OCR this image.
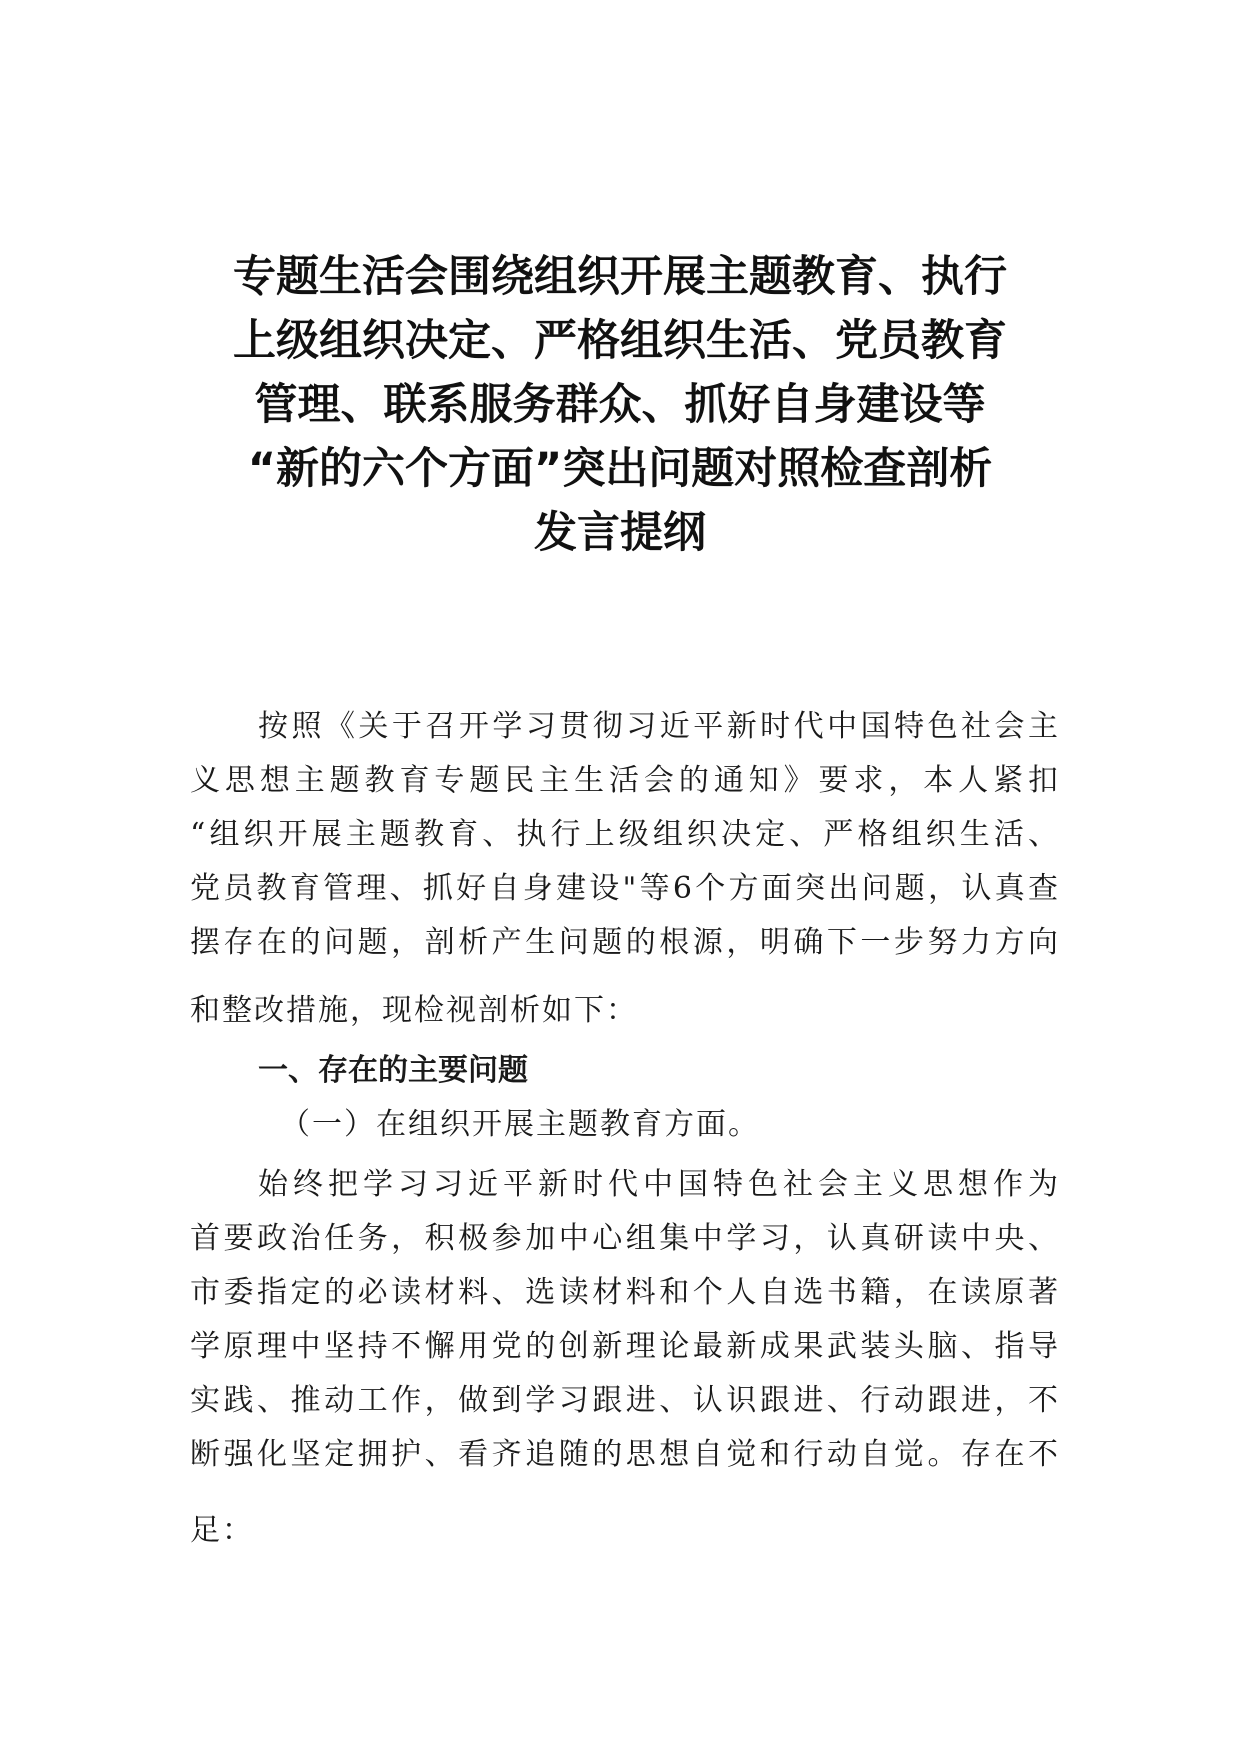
专题生活会围绕组织开展主题教育、执行
上级组织决定、严格组织生活、党员教育
管理、联系服务群众、抓好自身建设等
“新的六个方面”突出问题对照检查剖析
发言提纲
按照《关于召开学习贯彻习近平新时代中国特色社会主
义思想主题教育专题民主生活会的通知》要求，本人紧扣
“组织开展主题教育、执行上级组织决定、严格组织生活、
党员教育管理、抓好自身建设"等6个方面突出问题，认真查
摆存在的问题，剖析产生问题的根源，明确下一步努力方向
和整改措施，现检视剖析如下：
一、存在的主要问题
（一）在组织开展主题教育方面。
始终把学习习近平新时代中国特色社会主义思想作为
首要政治任务，积极参加中心组集中学习，认真研读中央、
市委指定的必读材料、选读材料和个人自选书籍，在读原著
学原理中坚持不懈用党的创新理论最新成果武装头脑、指导
实践、推动工作，做到学习跟进、认识跟进、行动跟进，不
断强化坚定拥护、看齐追随的思想自觉和行动自觉。存在不
足：
